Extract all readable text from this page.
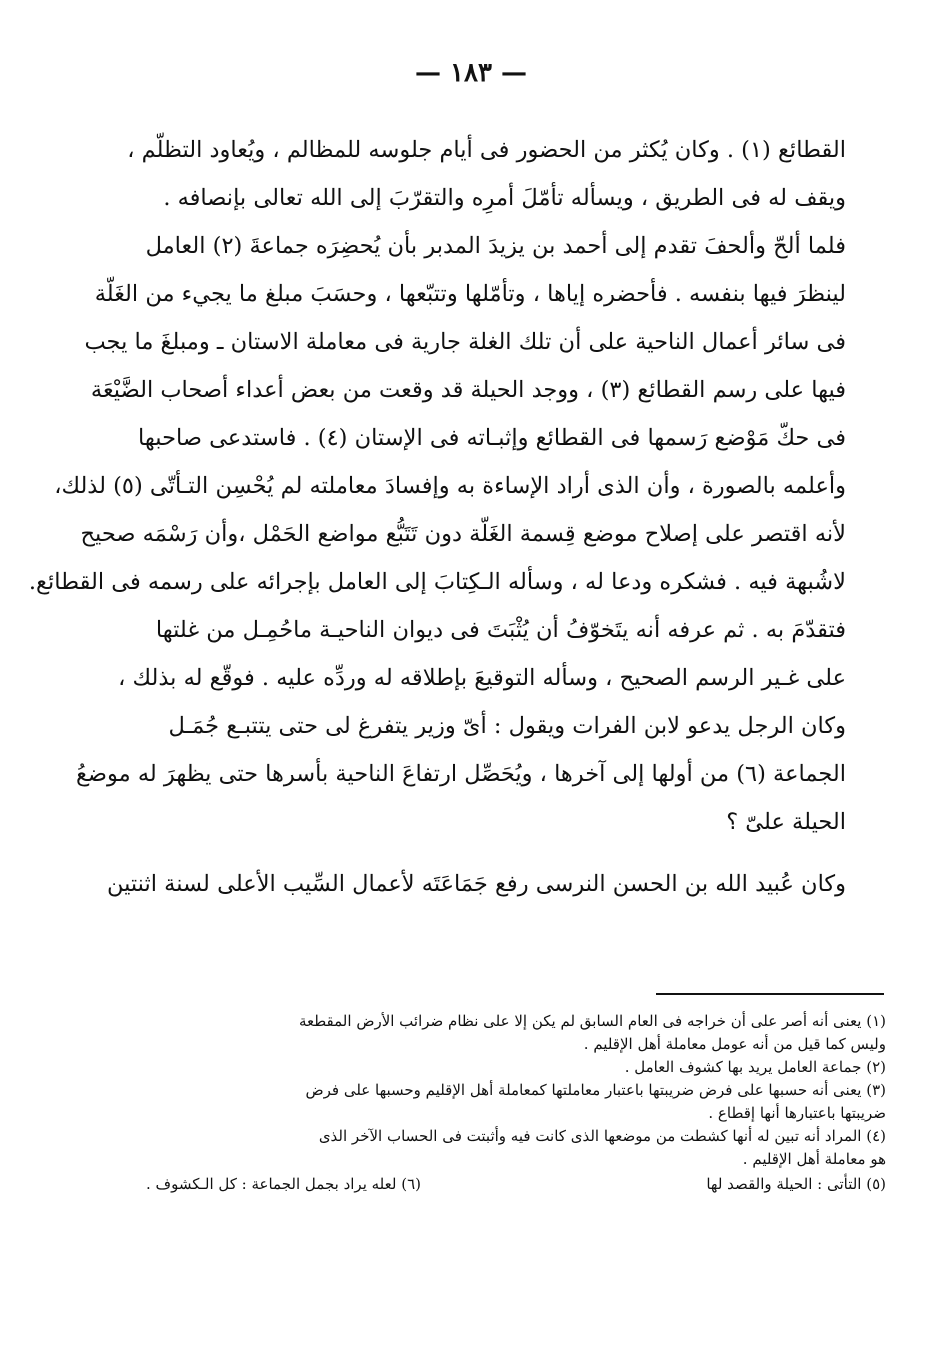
— ١٨٣ —
القطائع (١) . وكان يُكثر من الحضور فى أيام جلوسه للمظالم ، ويُعاود التظلّم ،
ويقف له فى الطريق ، ويسأله تأمّلَ أمرِه والتقرّبَ إلى الله تعالى بإنصافه .
فلما ألحّ وألحفَ تقدم إلى أحمد بن يزيدَ المدبر بأن يُحضِرَه جماعةَ (٢) العامل
لينظرَ فيها بنفسه . فأحضره إياها ، وتأمّلها وتتبّعها ، وحسَبَ مبلغ ما يجيء من الغَلّة
فى سائر أعمال الناحية على أن تلك الغلة جارية فى معاملة الاستان ـ ومبلغَ ما يجب
فيها على رسم القطائع (٣) ، ووجد الحيلة قد وقعت من بعض أعداء أصحاب الضَّيْعَة
فى حكّ مَوْضع رَسمها فى القطائع وإثبـاته فى الإستان (٤) . فاستدعى صاحبها
وأعلمه بالصورة ، وأن الذى أراد الإساءة به وإفسادَ معاملته لم يُحْسِن التـأتّى (٥) لذلك،
لأنه اقتصر على إصلاح موضع قِسمة الغَلّة دون تَتَبُّع مواضع الحَمْل ،وأن رَسْمَه صحيح
لاشُبهة فيه . فشكره ودعا له ، وسأله الـكِتابَ إلى العامل بإجرائه على رسمه فى القطائع.
فتقدّمَ به . ثم عرفه أنه يتَخوّفُ أن يُثْبَتَ فى ديوان الناحيـة ماحُمِـل من غلتها
على غـير الرسم الصحيح ، وسأله التوقيعَ بإطلاقه له وردِّه عليه . فوقّع له بذلك ،
وكان الرجل يدعو لابن الفرات ويقول : أىّ وزير يتفرغ لى حتى يتتبـع جُمَـل
الجماعة (٦) من أولها إلى آخرها ، ويُحَصِّل ارتفاعَ الناحية بأسرها حتى يظهرَ له موضعُ
الحيلة علىّ ؟
وكان عُبيد الله بن الحسن النرسى رفع جَمَاعَتَه لأعمال السِّيب الأعلى لسنة اثنتين
(١) يعنى أنه أصر على أن خراجه فى العام السابق لم يكن إلا على نظام ضرائب الأرض المقطعة
وليس كما قيل من أنه عومل معاملة أهل الإقليم .
(٢) جماعة العامل يريد بها كشوف العامل .
(٣) يعنى أنه حسبها على فرض ضريبتها باعتبار معاملتها كمعاملة أهل الإقليم وحسبها على فرض
ضريبتها باعتبارها أنها إقطاع .
(٤) المراد أنه تبين له أنها كشطت من موضعها الذى كانت فيه وأثبتت فى الحساب الآخر الذى
هو معاملة أهل الإقليم .
(٥) التأتى : الحيلة والقصد لها
(٦) لعله يراد بجمل الجماعة : كل الـكشوف .
